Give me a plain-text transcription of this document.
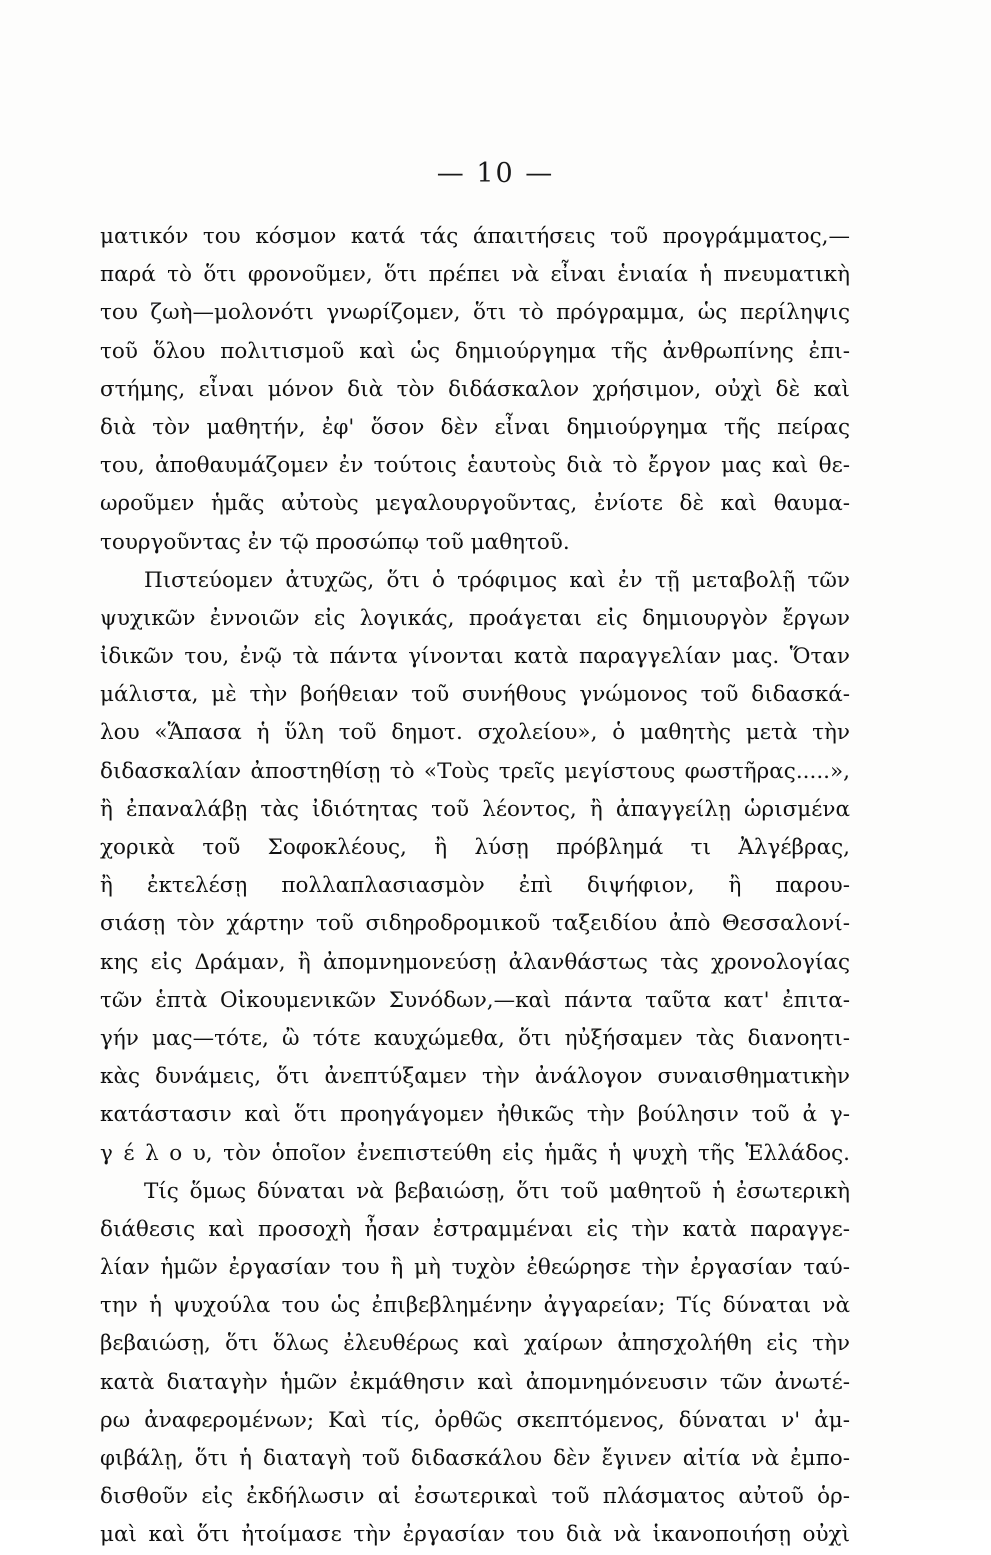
— 10 —
ματικόν του κόσμον κατά τάς άπαιτήσεις τοῦ προγράμματος,—
παρά τὸ ὅτι φρονοῦμεν, ὅτι πρέπει νὰ εἶναι ἑνιαία ἡ πνευματικὴ
του ζωὴ—μολονότι γνωρίζομεν, ὅτι τὸ πρόγραμμα, ὡς περίληψις
τοῦ ὅλου πολιτισμοῦ καὶ ὡς δημιούργημα τῆς ἀνθρωπίνης ἐπι-
στήμης, εἶναι μόνον διὰ τὸν διδάσκαλον χρήσιμον, οὐχὶ δὲ καὶ
διὰ τὸν μαθητήν, ἐφ' ὅσον δὲν εἶναι δημιούργημα τῆς πείρας
του, ἀποθαυμάζομεν ἐν τούτοις ἑαυτοὺς διὰ τὸ ἔργον μας καὶ θε-
ωροῦμεν ἡμᾶς αὐτοὺς μεγαλουργοῦντας, ἐνίοτε δὲ καὶ θαυμα-
τουργοῦντας ἐν τῷ προσώπῳ τοῦ μαθητοῦ.
Πιστεύομεν ἀτυχῶς, ὅτι ὁ τρόφιμος καὶ ἐν τῇ μεταβολῇ τῶν
ψυχικῶν ἐννοιῶν εἰς λογικάς, προάγεται εἰς δημιουργὸν ἔργων
ἰδικῶν του, ἐνῷ τὰ πάντα γίνονται κατὰ παραγγελίαν μας. Ὅταν
μάλιστα, μὲ τὴν βοήθειαν τοῦ συνήθους γνώμονος τοῦ διδασκά-
λου «Ἅπασα ἡ ὕλη τοῦ δημοτ. σχολείου», ὁ μαθητὴς μετὰ τὴν
διδασκαλίαν ἀποστηθίσῃ τὸ «Τοὺς τρεῖς μεγίστους φωστῆρας.....»,
ἢ ἐπαναλάβῃ τὰς ἰδιότητας τοῦ λέοντος, ἢ ἀπαγγείλῃ ὡρισμένα
χορικὰ τοῦ Σοφοκλέους, ἢ λύσῃ πρόβλημά τι Ἀλγέβρας,
ἢ ἐκτελέσῃ πολλαπλασιασμὸν ἐπὶ διψήφιον, ἢ παρου-
σιάσῃ τὸν χάρτην τοῦ σιδηροδρομικοῦ ταξειδίου ἀπὸ Θεσσαλονί-
κης εἰς Δράμαν, ἢ ἀπομνημονεύσῃ ἀλανθάστως τὰς χρονολογίας
τῶν ἑπτὰ Οἰκουμενικῶν Συνόδων,—καὶ πάντα ταῦτα κατ' ἐπιτα-
γήν μας—τότε, ὢ τότε καυχώμεθα, ὅτι ηὐξήσαμεν τὰς διανοητι-
κὰς δυνάμεις, ὅτι ἀνεπτύξαμεν τὴν ἀνάλογον συναισθηματικὴν
κατάστασιν καὶ ὅτι προηγάγομεν ἠθικῶς τὴν βούλησιν τοῦ ἀ γ-
γ έ λ ο υ, τὸν ὁποῖον ἐνεπιστεύθη εἰς ἡμᾶς ἡ ψυχὴ τῆς Ἑλλάδος.
Τίς ὅμως δύναται νὰ βεβαιώσῃ, ὅτι τοῦ μαθητοῦ ἡ ἐσωτερικὴ
διάθεσις καὶ προσοχὴ ἦσαν ἐστραμμέναι εἰς τὴν κατὰ παραγγε-
λίαν ἡμῶν ἐργασίαν του ἢ μὴ τυχὸν ἐθεώρησε τὴν ἐργασίαν ταύ-
την ἡ ψυχούλα του ὡς ἐπιβεβλημένην ἀγγαρείαν; Τίς δύναται νὰ
βεβαιώσῃ, ὅτι ὅλως ἐλευθέρως καὶ χαίρων ἀπησχολήθη εἰς τὴν
κατὰ διαταγὴν ἡμῶν ἐκμάθησιν καὶ ἀπομνημόνευσιν τῶν ἀνωτέ-
ρω ἀναφερομένων; Καὶ τίς, ὀρθῶς σκεπτόμενος, δύναται ν' ἀμ-
φιβάλῃ, ὅτι ἡ διαταγὴ τοῦ διδασκάλου δὲν ἔγινεν αἰτία νὰ ἐμπο-
δισθοῦν εἰς ἐκδήλωσιν αἱ ἐσωτερικαὶ τοῦ πλάσματος αὐτοῦ ὁρ-
μαὶ καὶ ὅτι ἠτοίμασε τὴν ἐργασίαν του διὰ νὰ ἱκανοποιήσῃ οὐχὶ
